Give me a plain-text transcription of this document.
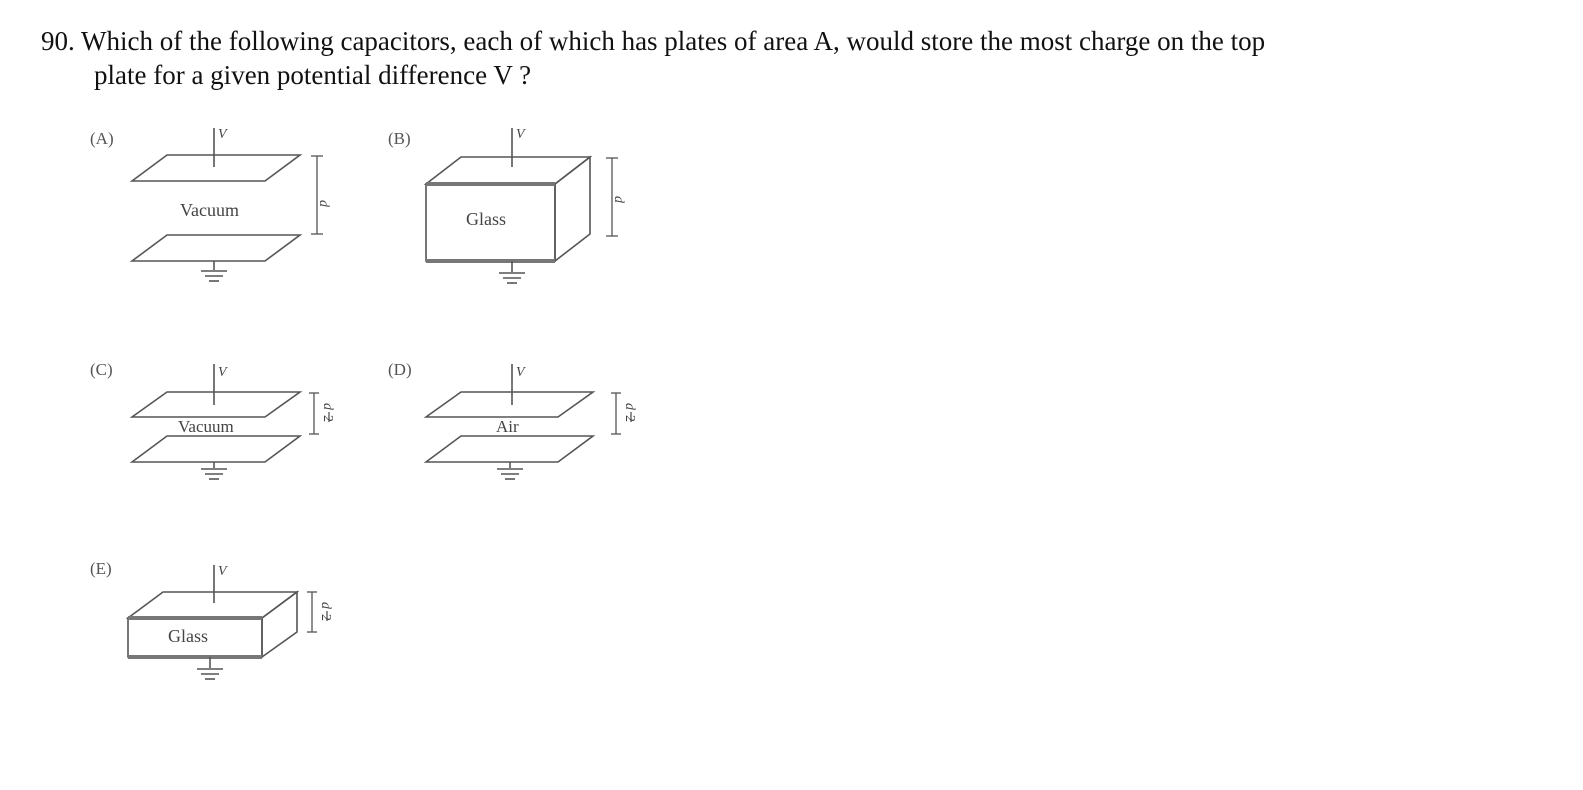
90. Which of the following capacitors, each of which has plates of area A, would store the most charge on the top
plate for a given potential difference V ?

(A)	V
Vacuum	d
(B)	V
Glass
d
(C)	V
Vacuum
d
2
(D)	V
Air
d
2
(E)	V
Glass
d
2
